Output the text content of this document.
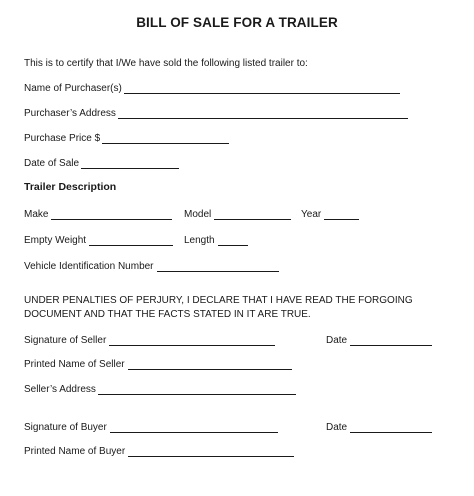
BILL OF SALE FOR A TRAILER
This is to certify that I/We have sold the following listed trailer to:
Name of Purchaser(s)
Purchaser’s Address
Purchase Price $
Date of Sale
Trailer Description
Make	Model	Year
Empty Weight	Length
Vehicle Identification Number
UNDER PENALTIES OF PERJURY, I DECLARE THAT I HAVE READ THE FORGOING DOCUMENT AND THAT THE FACTS STATED IN IT ARE TRUE.
Signature of Seller	Date
Printed Name of Seller
Seller’s Address
Signature of Buyer	Date
Printed Name of Buyer
